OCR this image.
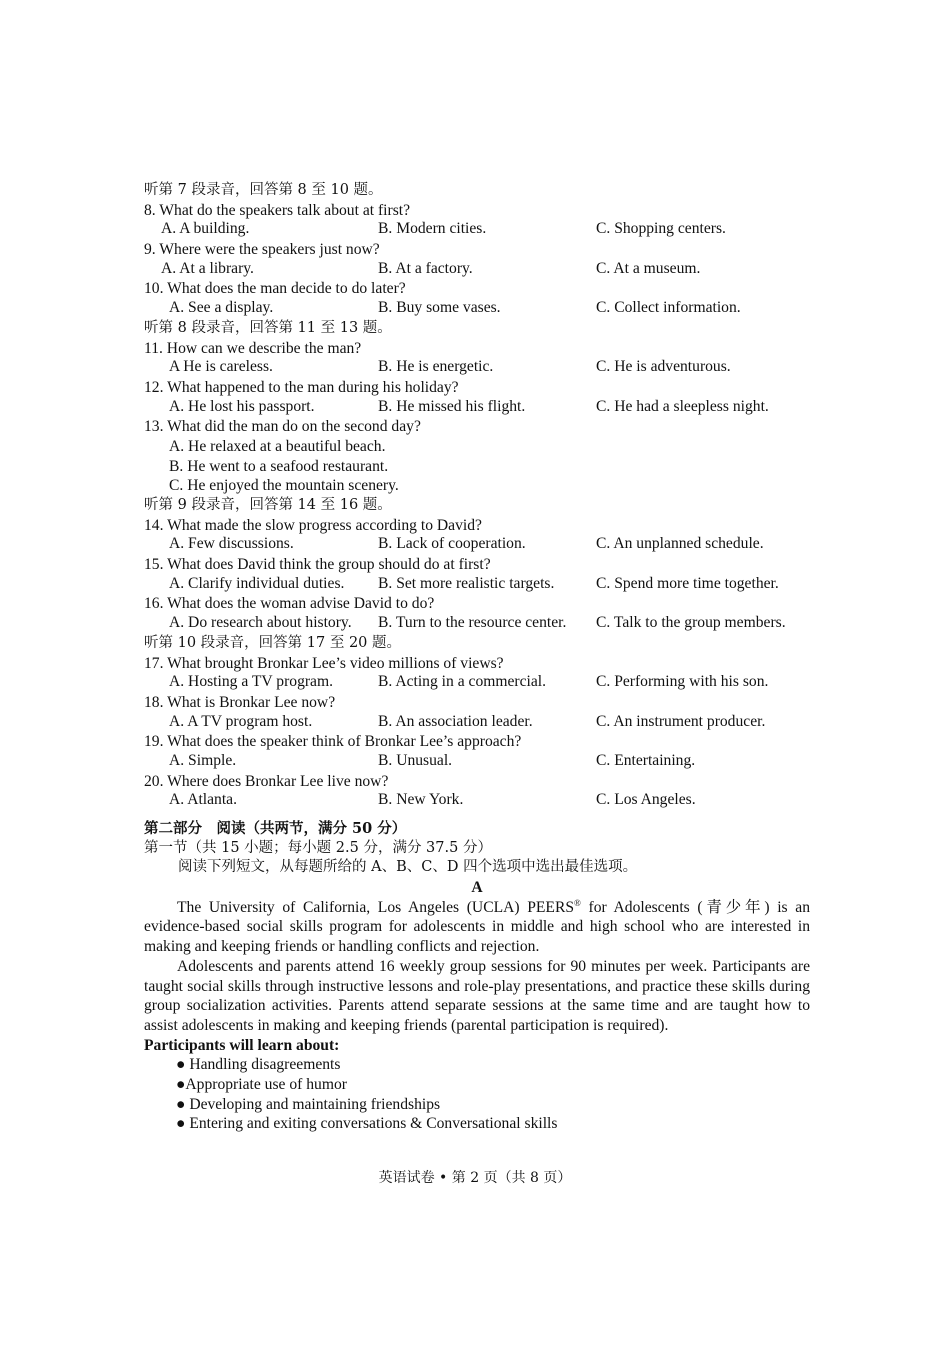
听第 7 段录音，回答第 8 至 10 题。
8. What do the speakers talk about at first?
A. A building.	B. Modern cities.	C. Shopping centers.
9. Where were the speakers just now?
A. At a library.	B. At a factory.	C. At a museum.
10. What does the man decide to do later?
A. See a display.	B. Buy some vases.	C. Collect information.
听第 8 段录音，回答第 11 至 13 题。
11. How can we describe the man?
A He is careless.	B. He is energetic.	C. He is adventurous.
12. What happened to the man during his holiday?
A. He lost his passport.	B. He missed his flight.	C. He had a sleepless night.
13. What did the man do on the second day?
A. He relaxed at a beautiful beach.
B. He went to a seafood restaurant.
C. He enjoyed the mountain scenery.
听第 9 段录音，回答第 14 至 16 题。
14. What made the slow progress according to David?
A. Few discussions.	B. Lack of cooperation.	C. An unplanned schedule.
15. What does David think the group should do at first?
A. Clarify individual duties. B. Set more realistic targets.	C. Spend more time together.
16. What does the woman advise David to do?
A. Do research about history. B. Turn to the resource center. C. Talk to the group members.
听第 10 段录音，回答第 17 至 20 题。
17. What brought Bronkar Lee’s video millions of views?
A. Hosting a TV program.	B. Acting in a commercial.	C. Performing with his son.
18. What is Bronkar Lee now?
A. A TV program host.	B. An association leader.	C. An instrument producer.
19. What does the speaker think of Bronkar Lee’s approach?
A. Simple.	B. Unusual.	C. Entertaining.
20. Where does Bronkar Lee live now?
A. Atlanta.	B. New York.	C. Los Angeles.
第二部分　阅读（共两节，满分 50 分）
第一节（共 15 小题；每小题 2.5 分，满分 37.5 分）
阅读下列短文，从每题所给的 A、B、C、D 四个选项中选出最佳选项。
A

The University of California, Los Angeles (UCLA) PEERS® for Adolescents (青少年) is an evidence-based social skills program for adolescents in middle and high school who are interested in making and keeping friends or handling conflicts and rejection.

Adolescents and parents attend 16 weekly group sessions for 90 minutes per week. Participants are taught social skills through instructive lessons and role-play presentations, and practice these skills during group socialization activities. Parents attend separate sessions at the same time and are taught how to assist adolescents in making and keeping friends (parental participation is required).

Participants will learn about:
● Handling disagreements
●Appropriate use of humor
● Developing and maintaining friendships
● Entering and exiting conversations & Conversational skills
英语试卷 • 第 2 页（共 8 页）
